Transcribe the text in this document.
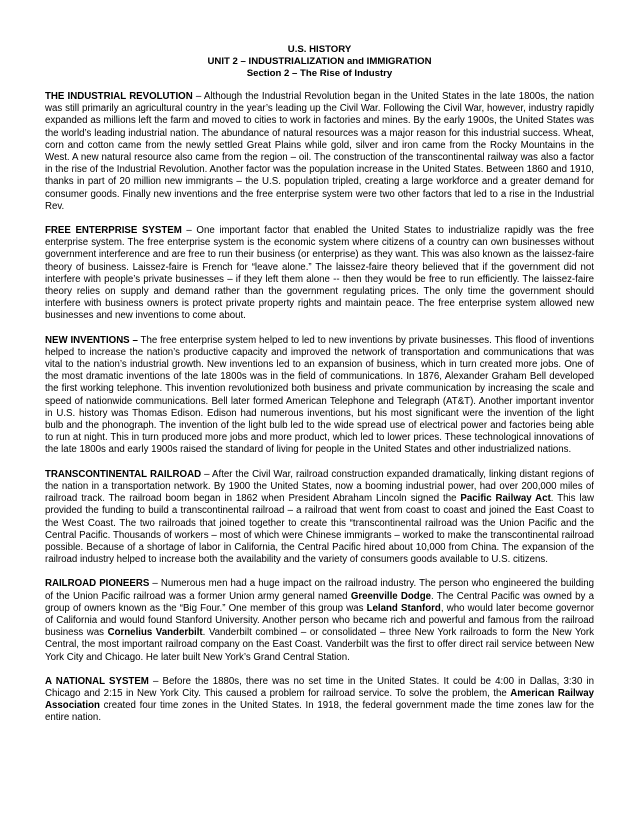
U.S. HISTORY
UNIT 2 – INDUSTRIALIZATION and IMMIGRATION
Section 2 – The Rise of Industry

THE INDUSTRIAL REVOLUTION – Although the Industrial Revolution began in the United States in the late 1800s, the nation was still primarily an agricultural country in the year’s leading up the Civil War. Following the Civil War, however, industry rapidly expanded as millions left the farm and moved to cities to work in factories and mines. By the early 1900s, the United States was the world’s leading industrial nation. The abundance of natural resources was a major reason for this industrial success. Wheat, corn and cotton came from the newly settled Great Plains while gold, silver and iron came from the Rocky Mountains in the West. A new natural resource also came from the region – oil. The construction of the transcontinental railway was also a factor in the rise of the Industrial Revolution. Another factor was the population increase in the United States. Between 1860 and 1910, thanks in part of 20 million new immigrants – the U.S. population tripled, creating a large workforce and a greater demand for consumer goods. Finally new inventions and the free enterprise system were two other factors that led to a rise in the Industrial Rev.

FREE ENTERPRISE SYSTEM – One important factor that enabled the United States to industrialize rapidly was the free enterprise system. The free enterprise system is the economic system where citizens of a country can own businesses without government interference and are free to run their business (or enterprise) as they want. This was also known as the laissez-faire theory of business. Laissez-faire is French for “leave alone.” The laissez-faire theory believed that if the government did not interfere with people’s private businesses – if they left them alone -- then they would be free to run efficiently. The laissez-faire theory relies on supply and demand rather than the government regulating prices. The only time the government should interfere with business owners is protect private property rights and maintain peace. The free enterprise system allowed new businesses and new inventions to come about.

NEW INVENTIONS – The free enterprise system helped to led to new inventions by private businesses. This flood of inventions helped to increase the nation’s productive capacity and improved the network of transportation and communications that was vital to the nation’s industrial growth. New inventions led to an expansion of business, which in turn created more jobs. One of the most dramatic inventions of the late 1800s was in the field of communications. In 1876, Alexander Graham Bell developed the first working telephone. This invention revolutionized both business and private communication by increasing the scale and speed of nationwide communications. Bell later formed American Telephone and Telegraph (AT&T). Another important inventor in U.S. history was Thomas Edison. Edison had numerous inventions, but his most significant were the invention of the light bulb and the phonograph. The invention of the light bulb led to the wide spread use of electrical power and factories being able to run at night. This in turn produced more jobs and more product, which led to lower prices. These technological innovations of the late 1800s and early 1900s raised the standard of living for people in the United States and other industrialized nations.

TRANSCONTINENTAL RAILROAD – After the Civil War, railroad construction expanded dramatically, linking distant regions of the nation in a transportation network. By 1900 the United States, now a booming industrial power, had over 200,000 miles of railroad track. The railroad boom began in 1862 when President Abraham Lincoln signed the Pacific Railway Act. This law provided the funding to build a transcontinental railroad – a railroad that went from coast to coast and joined the East Coast to the West Coast. The two railroads that joined together to create this “transcontinental railroad was the Union Pacific and the Central Pacific. Thousands of workers – most of which were Chinese immigrants – worked to make the transcontinental railroad possible. Because of a shortage of labor in California, the Central Pacific hired about 10,000 from China. The expansion of the railroad industry helped to increase both the availability and the variety of consumers goods available to U.S. citizens.

RAILROAD PIONEERS – Numerous men had a huge impact on the railroad industry. The person who engineered the building of the Union Pacific railroad was a former Union army general named Greenville Dodge. The Central Pacific was owned by a group of owners known as the “Big Four.” One member of this group was Leland Stanford, who would later become governor of California and would found Stanford University. Another person who became rich and powerful and famous from the railroad business was Cornelius Vanderbilt. Vanderbilt combined – or consolidated – three New York railroads to form the New York Central, the most important railroad company on the East Coast. Vanderbilt was the first to offer direct rail service between New York City and Chicago. He later built New York’s Grand Central Station.

A NATIONAL SYSTEM – Before the 1880s, there was no set time in the United States. It could be 4:00 in Dallas, 3:30 in Chicago and 2:15 in New York City. This caused a problem for railroad service. To solve the problem, the American Railway Association created four time zones in the United States. In 1918, the federal government made the time zones law for the entire nation.
